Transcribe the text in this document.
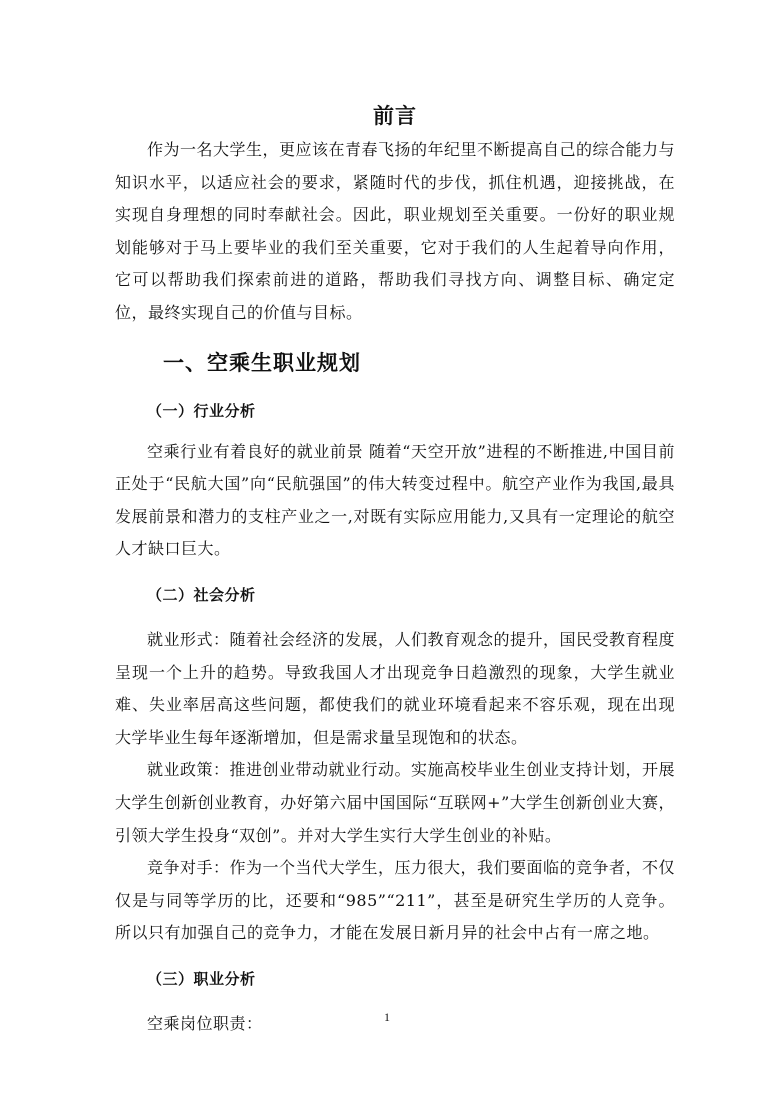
前言

作为一名大学生，更应该在青春飞扬的年纪里不断提高自己的综合能力与知识水平，以适应社会的要求，紧随时代的步伐，抓住机遇，迎接挑战，在实现自身理想的同时奉献社会。因此，职业规划至关重要。一份好的职业规划能够对于马上要毕业的我们至关重要，它对于我们的人生起着导向作用，它可以帮助我们探索前进的道路，帮助我们寻找方向、调整目标、确定定位，最终实现自己的价值与目标。

一、空乘生职业规划
（一）行业分析

空乘行业有着良好的就业前景 随着“天空开放”进程的不断推进,中国目前正处于“民航大国”向“民航强国”的伟大转变过程中。航空产业作为我国,最具发展前景和潜力的支柱产业之一,对既有实际应用能力,又具有一定理论的航空人才缺口巨大。

（二）社会分析

就业形式：随着社会经济的发展，人们教育观念的提升，国民受教育程度呈现一个上升的趋势。导致我国人才出现竞争日趋激烈的现象，大学生就业难、失业率居高这些问题，都使我们的就业环境看起来不容乐观，现在出现大学毕业生每年逐渐增加，但是需求量呈现饱和的状态。

就业政策：推进创业带动就业行动。实施高校毕业生创业支持计划，开展大学生创新创业教育，办好第六届中国国际“互联网+”大学生创新创业大赛，引领大学生投身“双创”。并对大学生实行大学生创业的补贴。

竞争对手：作为一个当代大学生，压力很大，我们要面临的竞争者，不仅仅是与同等学历的比，还要和“985”“211”，甚至是研究生学历的人竞争。所以只有加强自己的竞争力，才能在发展日新月异的社会中占有一席之地。

（三）职业分析

空乘岗位职责：	1
